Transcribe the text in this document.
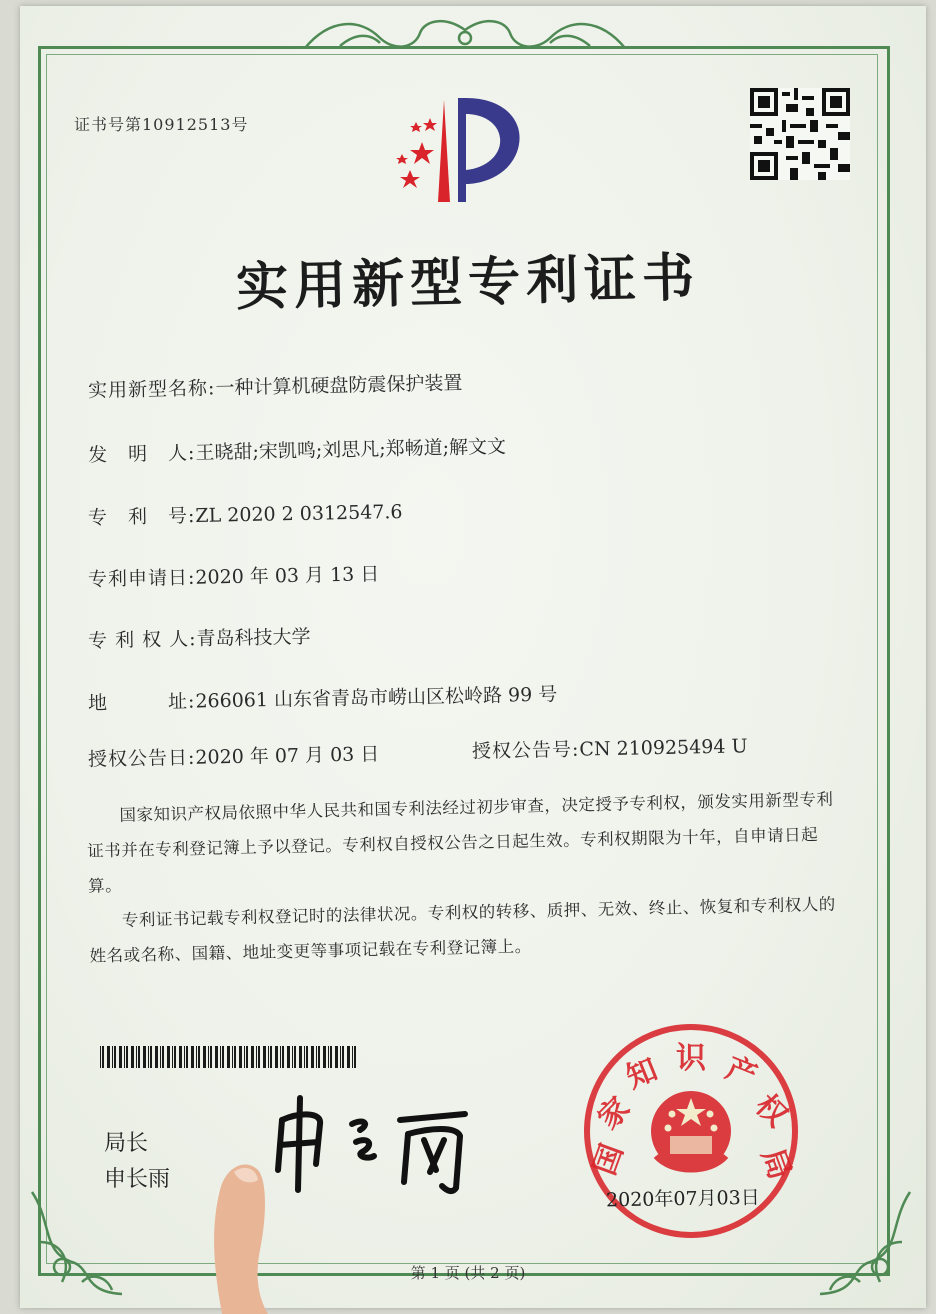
证书号第10912513号
实用新型专利证书
实用新型名称:一种计算机硬盘防震保护装置
发　明　人:王晓甜;宋凯鸣;刘思凡;郑畅道;解文文
专　利　号:ZL 2020 2 0312547.6
专利申请日:2020 年 03 月 13 日
专 利 权 人:青岛科技大学
地　　　址:266061 山东省青岛市崂山区松岭路 99 号
授权公告日:2020 年 07 月 03 日	授权公告号:CN 210925494 U

国家知识产权局依照中华人民共和国专利法经过初步审查，决定授予专利权，颁发实用新型专利证书并在专利登记簿上予以登记。专利权自授权公告之日起生效。专利权期限为十年，自申请日起算。

专利证书记载专利权登记时的法律状况。专利权的转移、质押、无效、终止、恢复和专利权人的姓名或名称、国籍、地址变更等事项记载在专利登记簿上。

局长
申长雨	国
家
知 识 产
权
局
2020年07月03日
第 1 页 (共 2 页)
